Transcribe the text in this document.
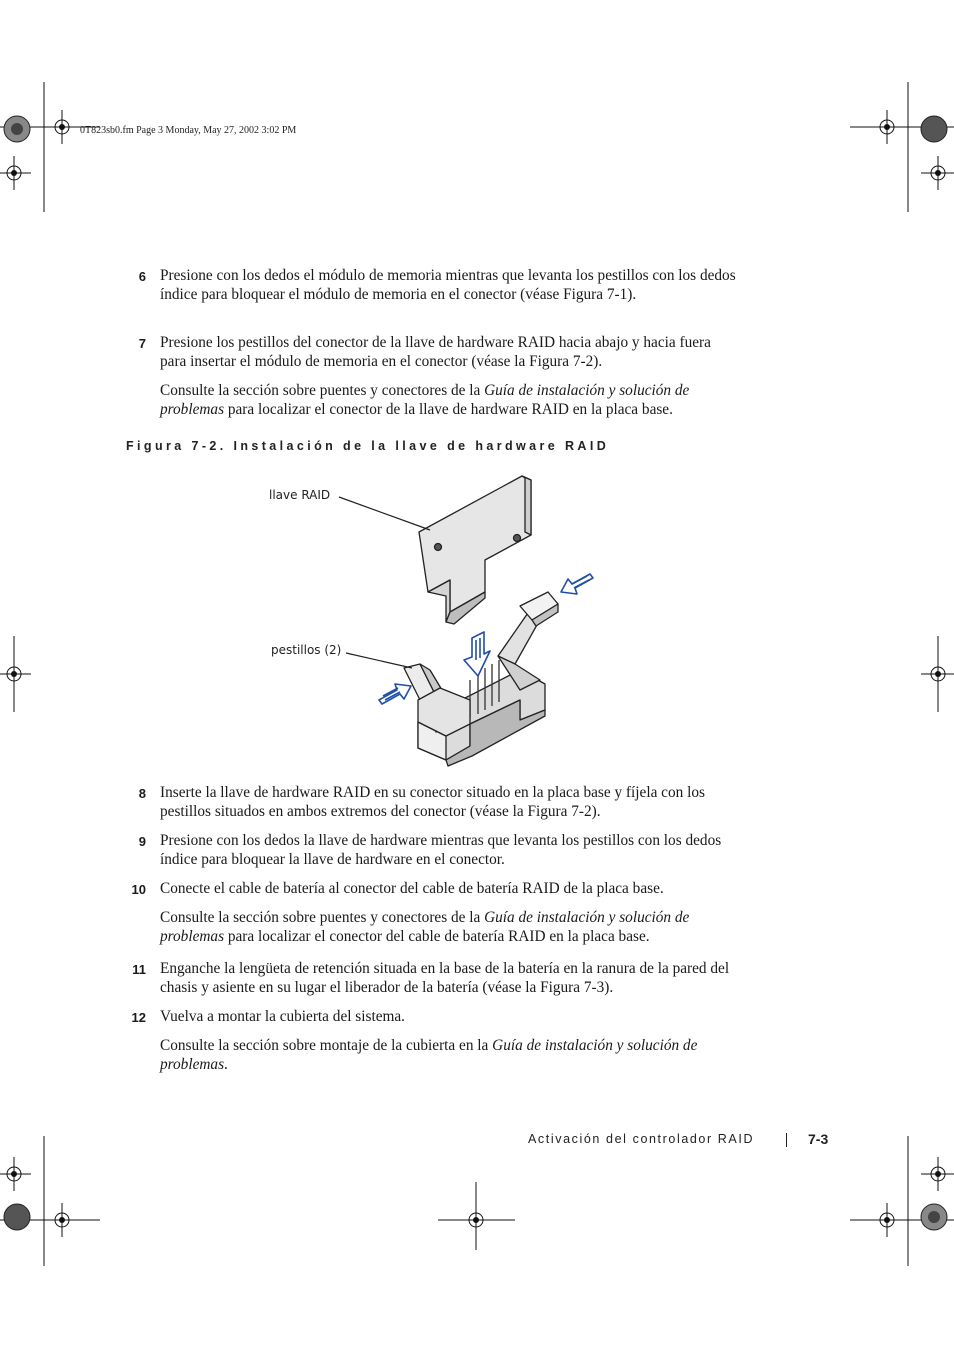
0T823sb0.fm Page 3 Monday, May 27, 2002 3:02 PM
6 Presione con los dedos el módulo de memoria mientras que levanta los pestillos con los dedos índice para bloquear el módulo de memoria en el conector (véase Figura 7-1).
7 Presione los pestillos del conector de la llave de hardware RAID hacia abajo y hacia fuera para insertar el módulo de memoria en el conector (véase la Figura 7-2).
Consulte la sección sobre puentes y conectores de la Guía de instalación y solución de problemas para localizar el conector de la llave de hardware RAID en la placa base.
Figura 7-2. Instalación de la llave de hardware RAID
llave RAID
pestillos (2)
8 Inserte la llave de hardware RAID en su conector situado en la placa base y fíjela con los pestillos situados en ambos extremos del conector (véase la Figura 7-2).
9 Presione con los dedos la llave de hardware mientras que levanta los pestillos con los dedos índice para bloquear la llave de hardware en el conector.
10 Conecte el cable de batería al conector del cable de batería RAID de la placa base.
Consulte la sección sobre puentes y conectores de la Guía de instalación y solución de problemas para localizar el conector del cable de batería RAID en la placa base.
11 Enganche la lengüeta de retención situada en la base de la batería en la ranura de la pared del chasis y asiente en su lugar el liberador de la batería (véase la Figura 7-3).
12 Vuelva a montar la cubierta del sistema.
Consulte la sección sobre montaje de la cubierta en la Guía de instalación y solución de problemas.
Activación del controlador RAID	7-3
